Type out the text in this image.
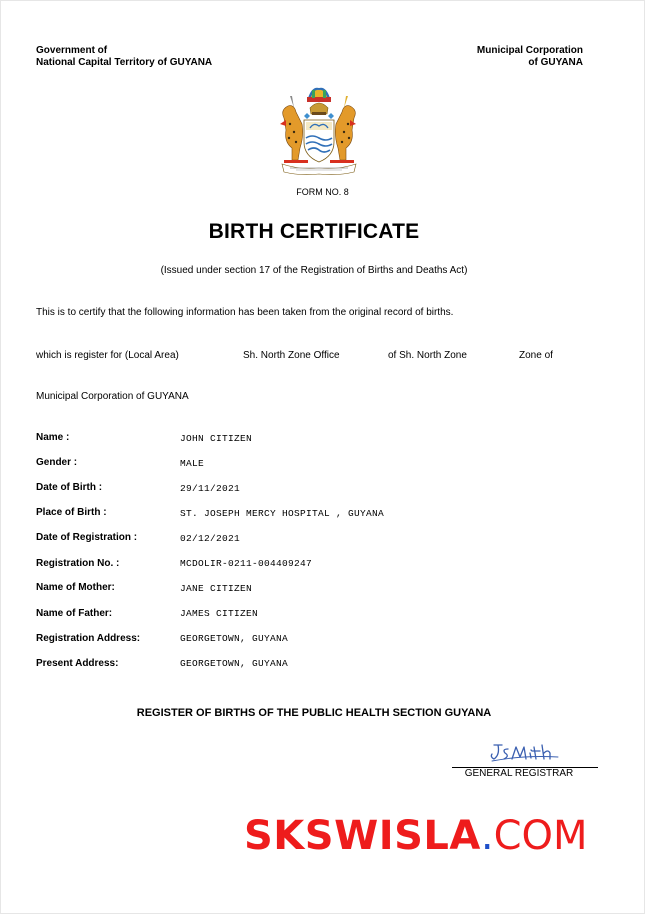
Government of
National Capital Territory of GUYANA
Municipal Corporation
of GUYANA
FORM NO. 8
BIRTH CERTIFICATE
(Issued under section 17 of the Registration of Births and Deaths Act)
This is to certify that the following information has been taken from the original record of births.
which is register for (Local Area)	Sh. North Zone Office	of Sh. North Zone	Zone of
Municipal Corporation of GUYANA
Name :	JOHN CITIZEN
Gender :	MALE
Date of Birth :	29/11/2021
Place of Birth :	ST. JOSEPH MERCY HOSPITAL , GUYANA
Date of Registration :	02/12/2021
Registration No. :	MCDOLIR-0211-004409247
Name of Mother:	JANE CITIZEN
Name of Father:	JAMES CITIZEN
Registration Address:	GEORGETOWN, GUYANA
Present Address:	GEORGETOWN, GUYANA
REGISTER OF BIRTHS OF THE PUBLIC HEALTH SECTION GUYANA
GENERAL REGISTRAR
SKSWISLA.COM
